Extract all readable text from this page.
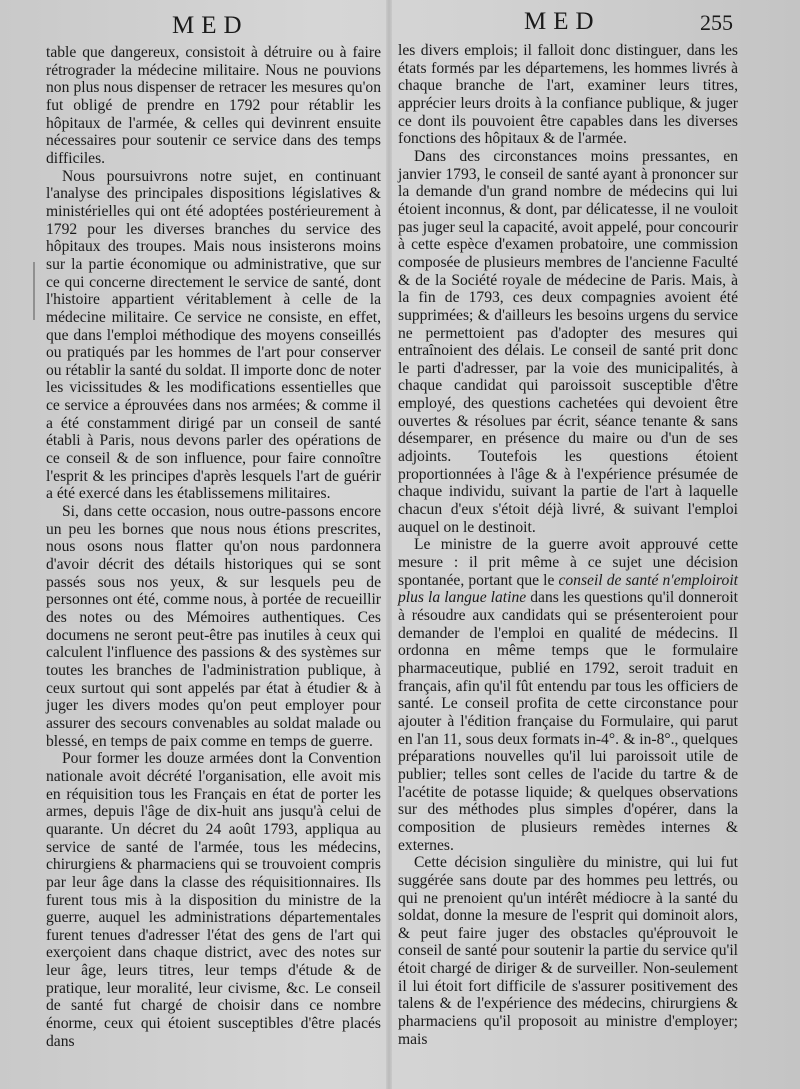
MED	MED	255

table que dangereux, consistoit à détruire ou à faire rétrograder la médecine militaire. Nous ne pouvions non plus nous dispenser de retracer les mesures qu'on fut obligé de prendre en 1792 pour rétablir les hôpitaux de l'armée, & celles qui devinrent ensuite nécessaires pour soutenir ce service dans des temps difficiles.

Nous poursuivrons notre sujet, en continuant l'analyse des principales dispositions législatives & ministérielles qui ont été adoptées postérieurement à 1792 pour les diverses branches du service des hôpitaux des troupes. Mais nous insisterons moins sur la partie économique ou administrative, que sur ce qui concerne directement le service de santé, dont l'histoire appartient véritablement à celle de la médecine militaire. Ce service ne consiste, en effet, que dans l'emploi méthodique des moyens conseillés ou pratiqués par les hommes de l'art pour conserver ou rétablir la santé du soldat. Il importe donc de noter les vicissitudes & les modifications essentielles que ce service a éprouvées dans nos armées; & comme il a été constamment dirigé par un conseil de santé établi à Paris, nous devons parler des opérations de ce conseil & de son influence, pour faire connoître l'esprit & les principes d'après lesquels l'art de guérir a été exercé dans les établissemens militaires.

Si, dans cette occasion, nous outre-passons encore un peu les bornes que nous nous étions prescrites, nous osons nous flatter qu'on nous pardonnera d'avoir décrit des détails historiques qui se sont passés sous nos yeux, & sur lesquels peu de personnes ont été, comme nous, à portée de recueillir des notes ou des Mémoires authentiques. Ces documens ne seront peut-être pas inutiles à ceux qui calculent l'influence des passions & des systèmes sur toutes les branches de l'administration publique, à ceux surtout qui sont appelés par état à étudier & à juger les divers modes qu'on peut employer pour assurer des secours convenables au soldat malade ou blessé, en temps de paix comme en temps de guerre.

Pour former les douze armées dont la Convention nationale avoit décrété l'organisation, elle avoit mis en réquisition tous les Français en état de porter les armes, depuis l'âge de dix-huit ans jusqu'à celui de quarante. Un décret du 24 août 1793, appliqua au service de santé de l'armée, tous les médecins, chirurgiens & pharmaciens qui se trouvoient compris par leur âge dans la classe des réquisitionnaires. Ils furent tous mis à la disposition du ministre de la guerre, auquel les administrations départementales furent tenues d'adresser l'état des gens de l'art qui exerçoient dans chaque district, avec des notes sur leur âge, leurs titres, leur temps d'étude & de pratique, leur moralité, leur civisme, &c. Le conseil de santé fut chargé de choisir dans ce nombre énorme, ceux qui étoient susceptibles d'être placés dans

les divers emplois; il falloit donc distinguer, dans les états formés par les départemens, les hommes livrés à chaque branche de l'art, examiner leurs titres, apprécier leurs droits à la confiance publique, & juger ce dont ils pouvoient être capables dans les diverses fonctions des hôpitaux & de l'armée.

Dans des circonstances moins pressantes, en janvier 1793, le conseil de santé ayant à prononcer sur la demande d'un grand nombre de médecins qui lui étoient inconnus, & dont, par délicatesse, il ne vouloit pas juger seul la capacité, avoit appelé, pour concourir à cette espèce d'examen probatoire, une commission composée de plusieurs membres de l'ancienne Faculté & de la Société royale de médecine de Paris. Mais, à la fin de 1793, ces deux compagnies avoient été supprimées; & d'ailleurs les besoins urgens du service ne permettoient pas d'adopter des mesures qui entraînoient des délais. Le conseil de santé prit donc le parti d'adresser, par la voie des municipalités, à chaque candidat qui paroissoit susceptible d'être employé, des questions cachetées qui devoient être ouvertes & résolues par écrit, séance tenante & sans désemparer, en présence du maire ou d'un de ses adjoints. Toutefois les questions étoient proportionnées à l'âge & à l'expérience présumée de chaque individu, suivant la partie de l'art à laquelle chacun d'eux s'étoit déjà livré, & suivant l'emploi auquel on le destinoit.

Le ministre de la guerre avoit approuvé cette mesure : il prit même à ce sujet une décision spontanée, portant que le conseil de santé n'emploiroit plus la langue latine dans les questions qu'il donneroit à résoudre aux candidats qui se présenteroient pour demander de l'emploi en qualité de médecins. Il ordonna en même temps que le formulaire pharmaceutique, publié en 1792, seroit traduit en français, afin qu'il fût entendu par tous les officiers de santé. Le conseil profita de cette circonstance pour ajouter à l'édition française du Formulaire, qui parut en l'an 11, sous deux formats in-4°. & in-8°., quelques préparations nouvelles qu'il lui paroissoit utile de publier; telles sont celles de l'acide du tartre & de l'acétite de potasse liquide; & quelques observations sur des méthodes plus simples d'opérer, dans la composition de plusieurs remèdes internes & externes.

Cette décision singulière du ministre, qui lui fut suggérée sans doute par des hommes peu lettrés, ou qui ne prenoient qu'un intérêt médiocre à la santé du soldat, donne la mesure de l'esprit qui dominoit alors, & peut faire juger des obstacles qu'éprouvoit le conseil de santé pour soutenir la partie du service qu'il étoit chargé de diriger & de surveiller. Non-seulement il lui étoit fort difficile de s'assurer positivement des talens & de l'expérience des médecins, chirurgiens & pharmaciens qu'il proposoit au ministre d'employer; mais
